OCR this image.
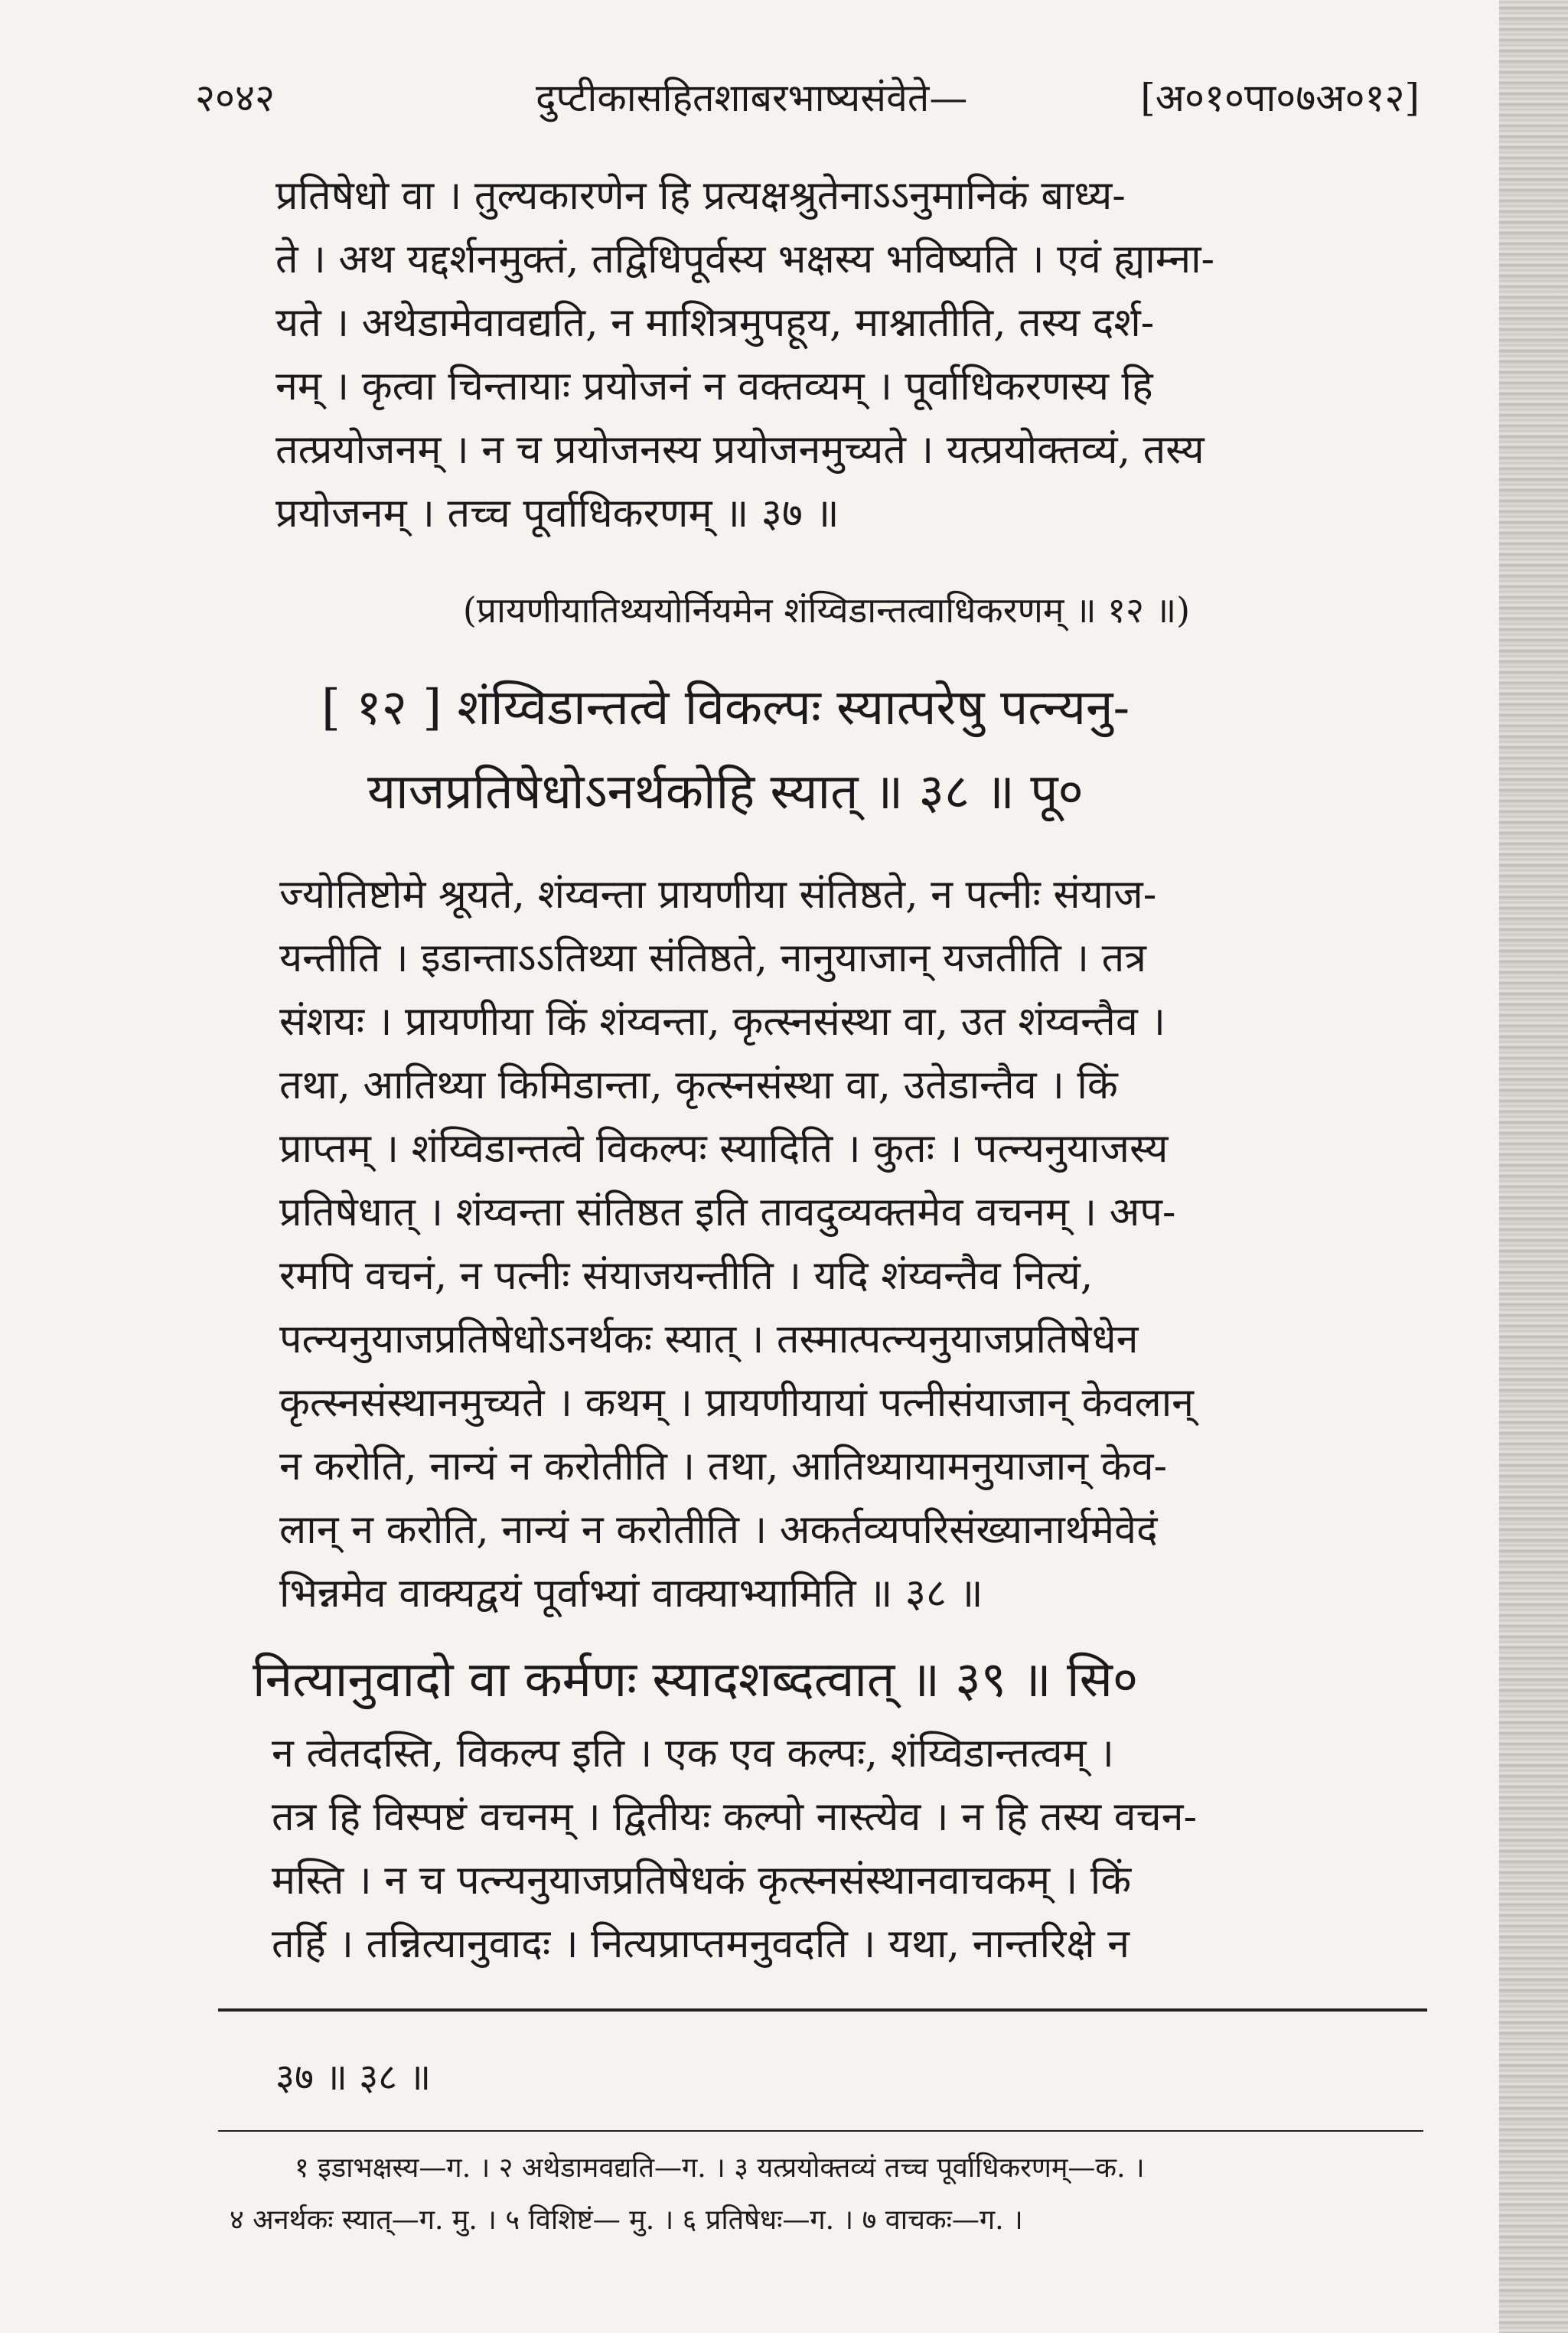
२०४२	दुप्टीकासहितशाबरभाष्यसंवेते—	[अ०१०पा०७अ०१२]
प्रतिषेधो वा । तुल्यकारणेन हि प्रत्यक्षश्रुतेनाऽऽनुमानिकं बाध्य-
ते । अथ यद्दर्शनमुक्तं, तद्विधिपूर्वस्य भक्षस्य भविष्यति । एवं ह्याम्ना-
यते । अथेडामेवावद्यति, न माशित्रमुपहूय, माश्नातीति, तस्य दर्श-
नम् । कृत्वा चिन्तायाः प्रयोजनं न वक्तव्यम् । पूर्वाधिकरणस्य हि
तत्प्रयोजनम् । न च प्रयोजनस्य प्रयोजनमुच्यते । यत्प्रयोक्तव्यं, तस्य
प्रयोजनम् । तच्च पूर्वाधिकरणम् ॥ ३७ ॥
(प्रायणीयातिथ्ययोर्नियमेन शंय्विडान्तत्वाधिकरणम् ॥ १२ ॥)
[ १२ ] शंय्विडान्तत्वे विकल्पः स्यात्परेषु पत्न्यनु-
याजप्रतिषेधोऽनर्थकोहि स्यात् ॥ ३८ ॥ पू०
ज्योतिष्टोमे श्रूयते, शंय्वन्ता प्रायणीया संतिष्ठते, न पत्नीः संयाज-
यन्तीति । इडान्ताऽऽतिथ्या संतिष्ठते, नानुयाजान् यजतीति । तत्र
संशयः । प्रायणीया किं शंय्वन्ता, कृत्स्नसंस्था वा, उत शंय्वन्तैव ।
तथा, आतिथ्या किमिडान्ता, कृत्स्नसंस्था वा, उतेडान्तैव । किं
प्राप्तम् । शंय्विडान्तत्वे विकल्पः स्यादिति । कुतः । पत्न्यनुयाजस्य
प्रतिषेधात् । शंय्वन्ता संतिष्ठत इति तावदुव्यक्तमेव वचनम् । अप-
रमपि वचनं, न पत्नीः संयाजयन्तीति । यदि शंय्वन्तैव नित्यं,
पत्न्यनुयाजप्रतिषेधोऽनर्थकः स्यात् । तस्मात्पत्न्यनुयाजप्रतिषेधेन
कृत्स्नसंस्थानमुच्यते । कथम् । प्रायणीयायां पत्नीसंयाजान् केवलान्
न करोति, नान्यं न करोतीति । तथा, आतिथ्यायामनुयाजान् केव-
लान् न करोति, नान्यं न करोतीति । अकर्तव्यपरिसंख्यानार्थमेवेदं
भिन्नमेव वाक्यद्वयं पूर्वाभ्यां वाक्याभ्यामिति ॥ ३८ ॥
नित्यानुवादो वा कर्मणः स्यादशब्दत्वात् ॥ ३९ ॥ सि०
न त्वेतदस्ति, विकल्प इति । एक एव कल्पः, शंय्विडान्तत्वम् ।
तत्र हि विस्पष्टं वचनम् । द्वितीयः कल्पो नास्त्येव । न हि तस्य वचन-
मस्ति । न च पत्न्यनुयाजप्रतिषेधकं कृत्स्नसंस्थानवाचकम् । किं
तर्हि । तन्नित्यानुवादः । नित्यप्राप्तमनुवदति । यथा, नान्तरिक्षे न
३७ ॥ ३८ ॥
१ इडाभक्षस्य—ग. । २ अथेडामवद्यति—ग. । ३ यत्प्रयोक्तव्यं तच्च पूर्वाधिकरणम्—क. ।
४ अनर्थकः स्यात्—ग. मु. । ५ विशिष्टं— मु. । ६ प्रतिषेधः—ग. । ७ वाचकः—ग. ।
